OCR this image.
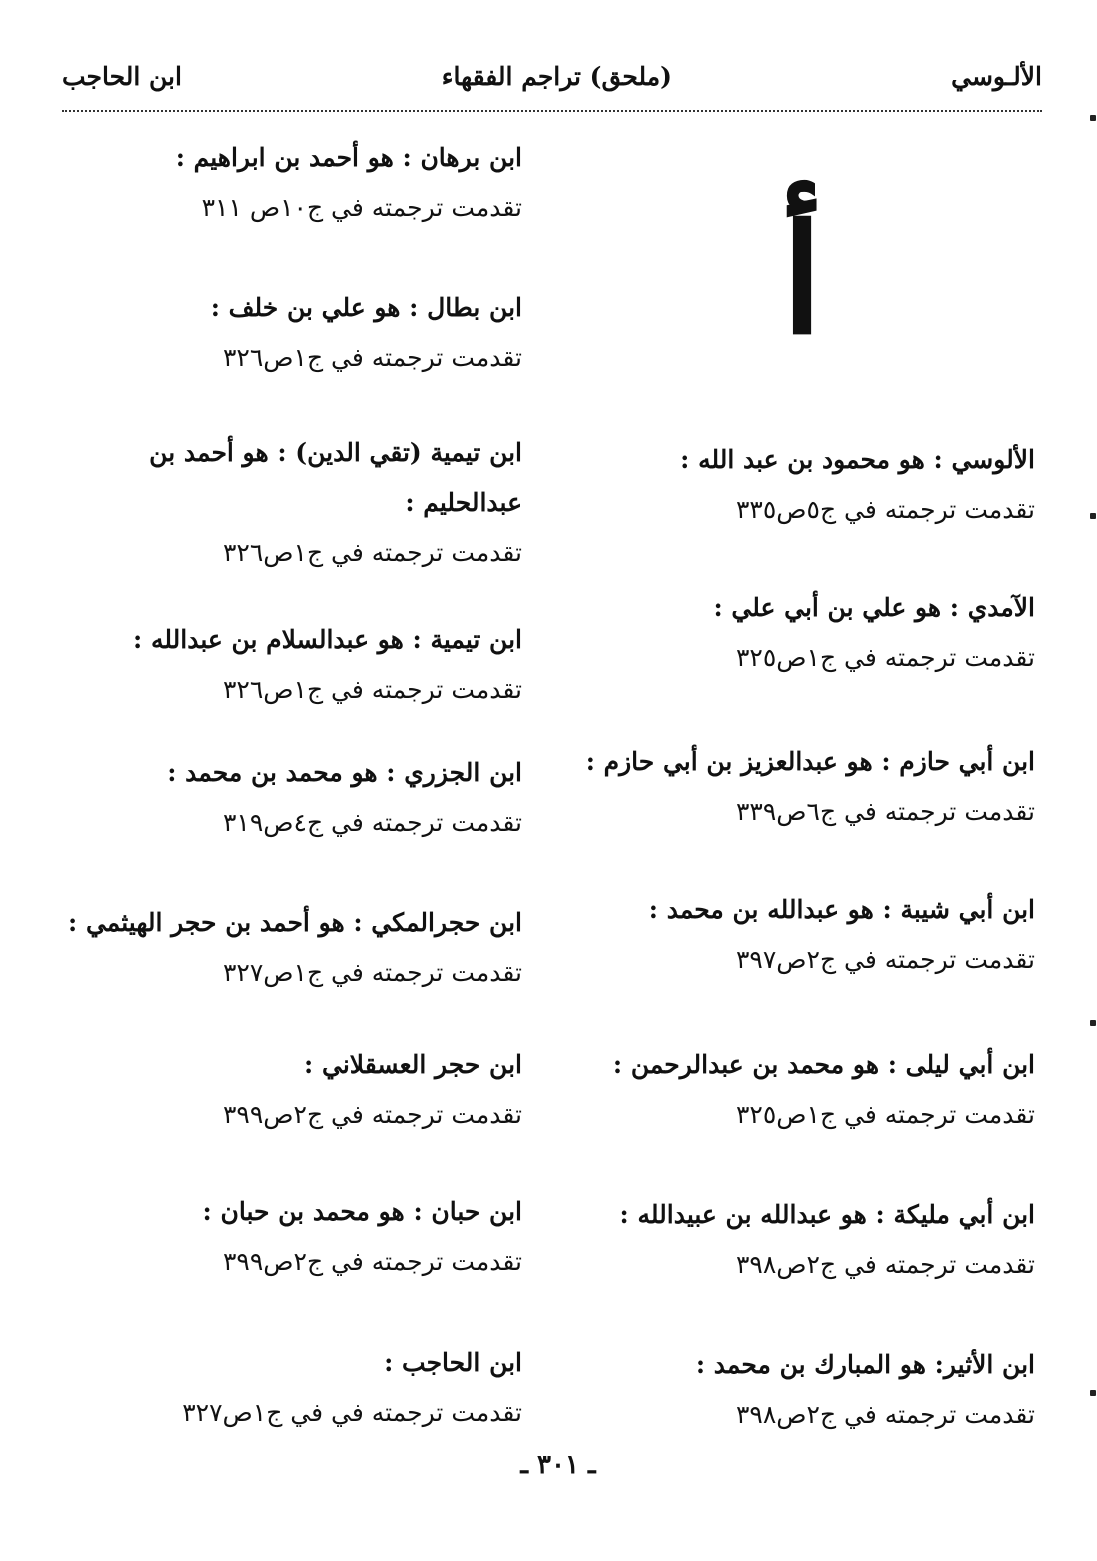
الألـوسي
(ملحق) تراجم الفقهاء
ابن الحاجب
أ
ابن برهان : هو أحمد بن ابراهيم :
تقدمت ترجمته في ج١٠ص ٣١١
ابن بطال : هو علي بن خلف :
تقدمت ترجمته في ج١ص٣٢٦
ابن تيمية (تقي الدين) : هو أحمد بن عبدالحليم :
تقدمت ترجمته في ج١ص٣٢٦
ابن تيمية : هو عبدالسلام بن عبدالله :
تقدمت ترجمته في ج١ص٣٢٦
ابن الجزري : هو محمد بن محمد :
تقدمت ترجمته في ج٤ص٣١٩
ابن حجرالمكي : هو أحمد بن حجر الهيثمي :
تقدمت ترجمته في ج١ص٣٢٧
ابن حجر العسقلاني :
تقدمت ترجمته في ج٢ص٣٩٩
ابن حبان : هو محمد بن حبان :
تقدمت ترجمته في ج٢ص٣٩٩
ابن الحاجب :
تقدمت ترجمته في في ج١ص٣٢٧
الألوسي : هو محمود بن عبد الله :
تقدمت ترجمته في ج٥ص٣٣٥
الآمدي : هو علي بن أبي علي :
تقدمت ترجمته في ج١ص٣٢٥
ابن أبي حازم : هو عبدالعزيز بن أبي حازم :
تقدمت ترجمته في ج٦ص٣٣٩
ابن أبي شيبة : هو عبدالله بن محمد :
تقدمت ترجمته في ج٢ص٣٩٧
ابن أبي ليلى : هو محمد بن عبدالرحمن :
تقدمت ترجمته في ج١ص٣٢٥
ابن أبي مليكة : هو عبدالله بن عبيدالله :
تقدمت ترجمته في ج٢ص٣٩٨
ابن الأثير: هو المبارك بن محمد :
تقدمت ترجمته في ج٢ص٣٩٨
ـ ٣٠١ ـ
